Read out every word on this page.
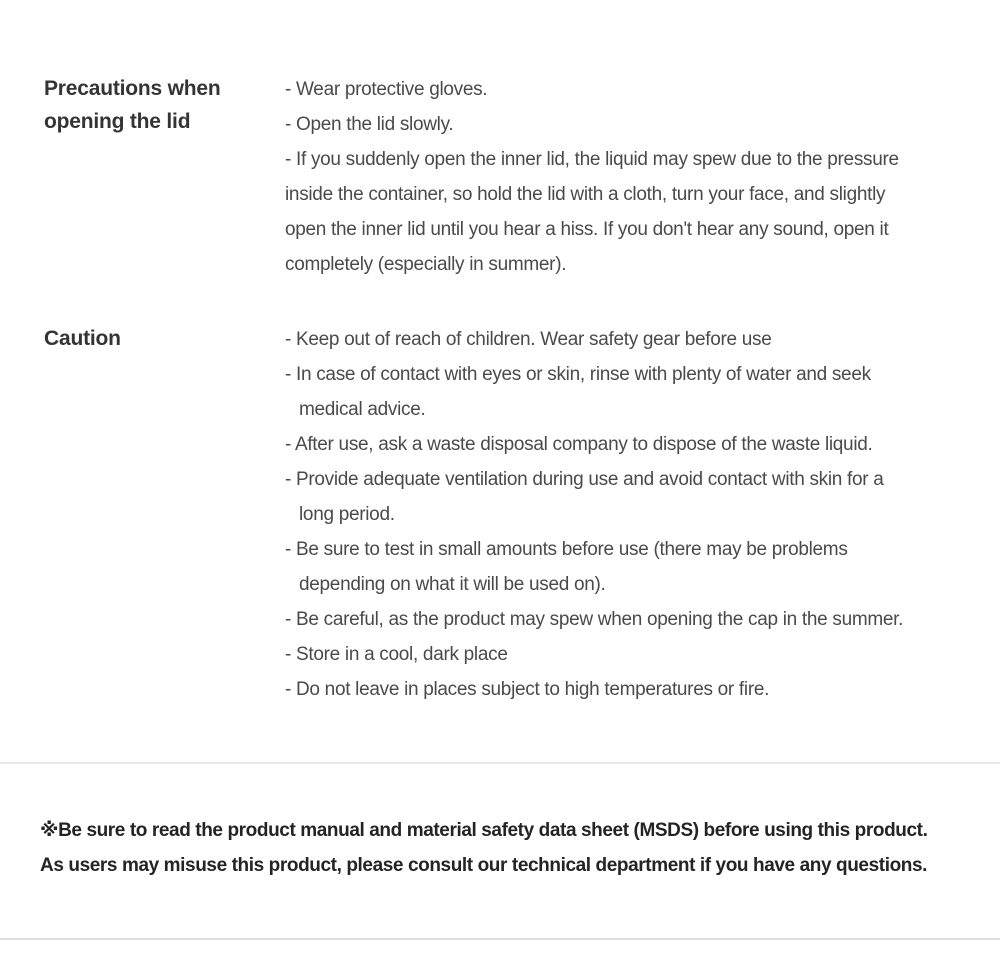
Precautions when
opening the lid
- Wear protective gloves.
- Open the lid slowly.
- If you suddenly open the inner lid, the liquid may spew due to the pressure
inside the container, so hold the lid with a cloth, turn your face, and slightly
open the inner lid until you hear a hiss. If you don't hear any sound, open it
completely (especially in summer).
Caution	- Keep out of reach of children. Wear safety gear before use
- In case of contact with eyes or skin, rinse with plenty of water and seek
medical advice.
- After use, ask a waste disposal company to dispose of the waste liquid.
- Provide adequate ventilation during use and avoid contact with skin for a
long period.
- Be sure to test in small amounts before use (there may be problems
depending on what it will be used on).
- Be careful, as the product may spew when opening the cap in the summer.
- Store in a cool, dark place
- Do not leave in places subject to high temperatures or fire.
※Be sure to read the product manual and material safety data sheet (MSDS) before using this product.
As users may misuse this product, please consult our technical department if you have any questions.
